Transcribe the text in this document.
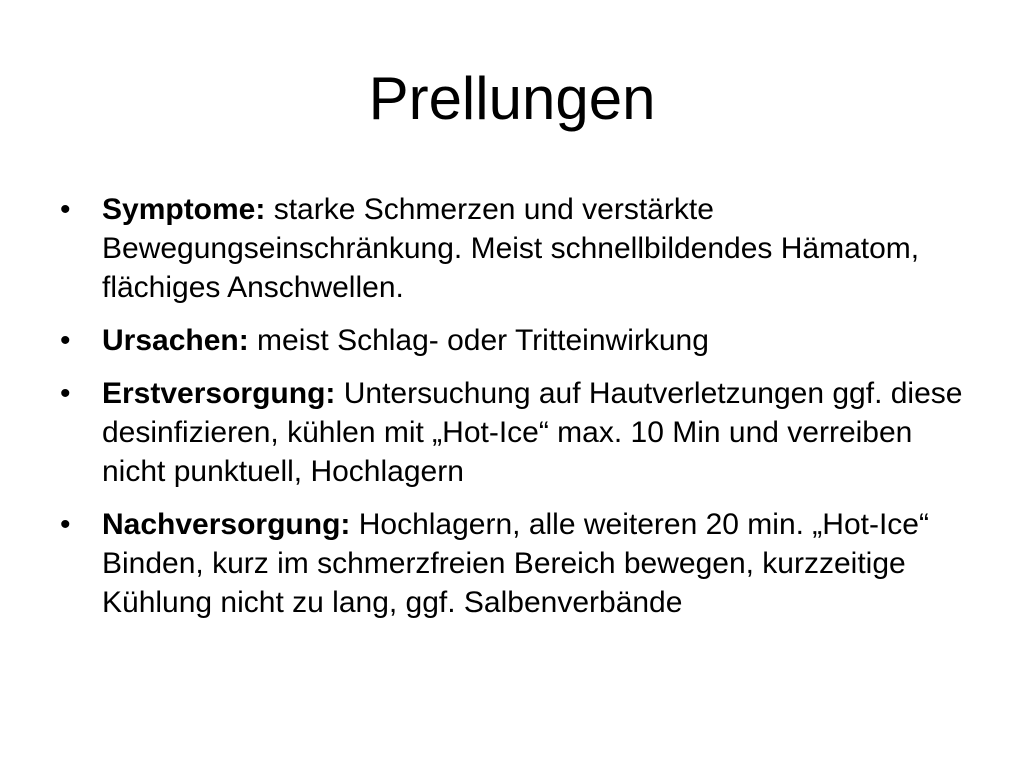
Prellungen
•	Symptome: starke Schmerzen und verstärkte Bewegungseinschränkung. Meist schnellbildendes Hämatom, flächiges Anschwellen.
•	Ursachen: meist Schlag- oder Tritteinwirkung
•	Erstversorgung: Untersuchung auf Hautverletzungen ggf. diese desinfizieren, kühlen mit „Hot-Ice“ max. 10 Min und verreiben nicht punktuell, Hochlagern
•	Nachversorgung: Hochlagern, alle weiteren 20 min. „Hot-Ice“ Binden, kurz im schmerzfreien Bereich bewegen, kurzzeitige Kühlung nicht zu lang, ggf. Salbenverbände
